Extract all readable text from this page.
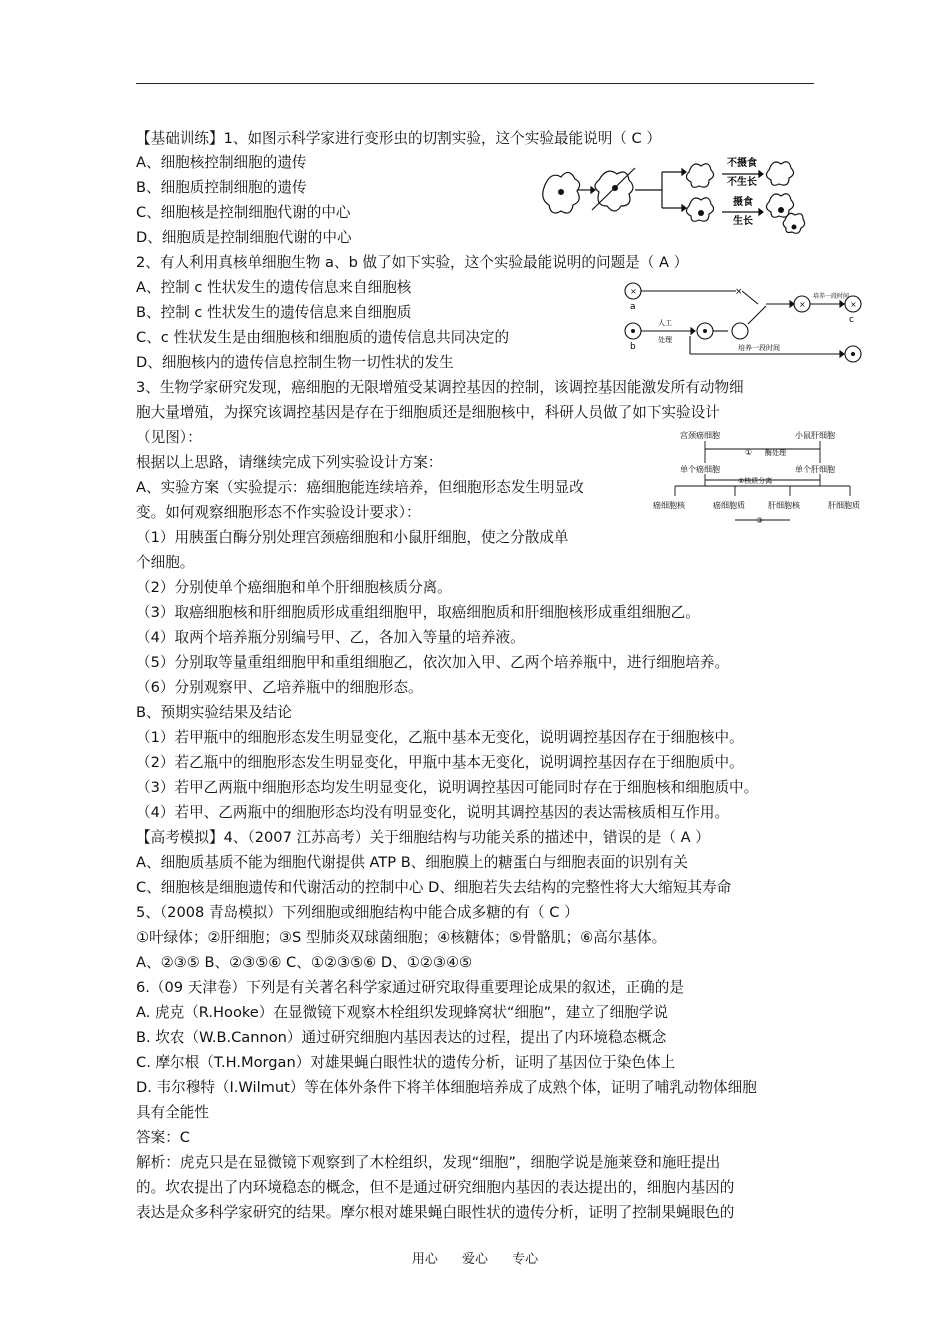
【基础训练】1、如图示科学家进行变形虫的切割实验，这个实验最能说明（ C ）
A、细胞核控制细胞的遗传
B、细胞质控制细胞的遗传
C、细胞核是控制细胞代谢的中心
D、细胞质是控制细胞代谢的中心
2、有人利用真核单细胞生物 a、b 做了如下实验，这个实验最能说明的问题是（ A ）
A、控制 c 性状发生的遗传信息来自细胞核
B、控制 c 性状发生的遗传信息来自细胞质
C、c 性状发生是由细胞核和细胞质的遗传信息共同决定的
D、细胞核内的遗传信息控制生物一切性状的发生
3、生物学家研究发现，癌细胞的无限增殖受某调控基因的控制，该调控基因能激发所有动物细
胞大量增殖，为探究该调控基因是存在于细胞质还是细胞核中，科研人员做了如下实验设计
（见图）：
根据以上思路，请继续完成下列实验设计方案：
A、实验方案（实验提示：癌细胞能连续培养，但细胞形态发生明显改
变。如何观察细胞形态不作实验设计要求）：
（1）用胰蛋白酶分别处理宫颈癌细胞和小鼠肝细胞，使之分散成单
个细胞。
（2）分别使单个癌细胞和单个肝细胞核质分离。
（3）取癌细胞核和肝细胞质形成重组细胞甲，取癌细胞质和肝细胞核形成重组细胞乙。
（4）取两个培养瓶分别编号甲、乙，各加入等量的培养液。
（5）分别取等量重组细胞甲和重组细胞乙，依次加入甲、乙两个培养瓶中，进行细胞培养。
（6）分别观察甲、乙培养瓶中的细胞形态。
B、预期实验结果及结论
（1）若甲瓶中的细胞形态发生明显变化，乙瓶中基本无变化，说明调控基因存在于细胞核中。
（2）若乙瓶中的细胞形态发生明显变化，甲瓶中基本无变化，说明调控基因存在于细胞质中。
（3）若甲乙两瓶中细胞形态均发生明显变化，说明调控基因可能同时存在于细胞核和细胞质中。
（4）若甲、乙两瓶中的细胞形态均没有明显变化，说明其调控基因的表达需核质相互作用。
【高考模拟】4、（2007 江苏高考）关于细胞结构与功能关系的描述中，错误的是（ A ）
A、细胞质基质不能为细胞代谢提供 ATP B、细胞膜上的糖蛋白与细胞表面的识别有关
C、细胞核是细胞遗传和代谢活动的控制中心 D、细胞若失去结构的完整性将大大缩短其寿命
5、（2008 青岛模拟）下列细胞或细胞结构中能合成多糖的有（ C ）
①叶绿体；②肝细胞；③S 型肺炎双球菌细胞；④核糖体；⑤骨骼肌；⑥高尔基体。
A、②③⑤ B、②③⑤⑥ C、①②③⑤⑥ D、①②③④⑤
6.（09 天津卷）下列是有关著名科学家通过研究取得重要理论成果的叙述，正确的是
A. 虎克（R.Hooke）在显微镜下观察木栓组织发现蜂窝状“细胞”，建立了细胞学说
B. 坎农（W.B.Cannon）通过研究细胞内基因表达的过程，提出了内环境稳态概念
C. 摩尔根（T.H.Morgan）对雄果蝇白眼性状的遗传分析，证明了基因位于染色体上
D. 韦尔穆特（I.Wilmut）等在体外条件下将羊体细胞培养成了成熟个体，证明了哺乳动物体细胞
具有全能性
答案：C
解析：虎克只是在显微镜下观察到了木栓组织，发现“细胞”，细胞学说是施莱登和施旺提出
的。坎农提出了内环境稳态的概念，但不是通过研究细胞内基因的表达提出的，细胞内基因的
表达是众多科学家研究的结果。摩尔根对雄果蝇白眼性状的遗传分析，证明了控制果蝇眼色的
不摄食
不生长
摄食
生长
×
×	×
a
b
c
×
人工
处理
培养一段时间
培养一段时间
宫颈癌细胞	小鼠肝细胞
① 酶处理
单个癌细胞	单个肝细胞
②核质分离
癌细胞核	癌细胞质	肝细胞核	肝细胞质
③
用心 爱心 专心
